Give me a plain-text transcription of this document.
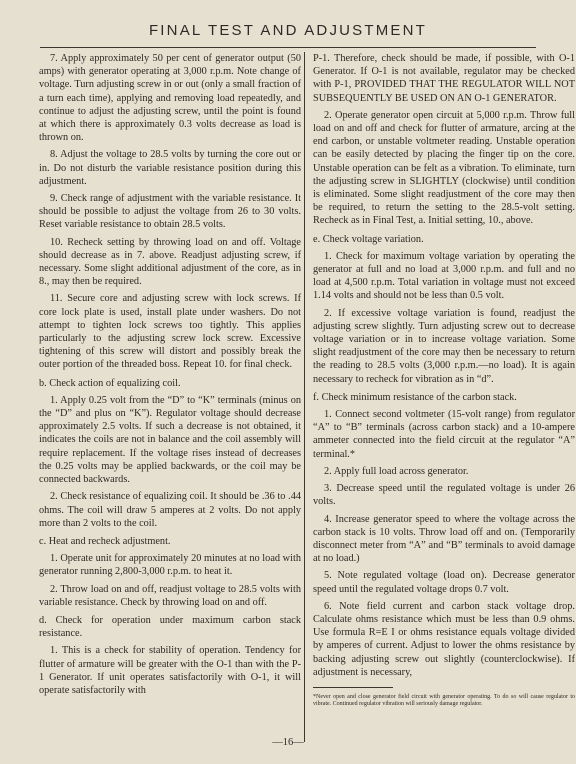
FINAL TEST AND ADJUSTMENT

7. Apply approximately 50 per cent of generator output (50 amps) with generator operating at 3,000 r.p.m. Note change of voltage. Turn adjusting screw in or out (only a small fraction of a turn each time), applying and removing load repeatedly, and continue to adjust the adjusting screw, until the point is found at which there is approximately 0.3 volts decrease as load is thrown on.

8. Adjust the voltage to 28.5 volts by turning the core out or in. Do not disturb the variable resistance position during this adjustment.

9. Check range of adjustment with the variable resistance. It should be possible to adjust the voltage from 26 to 30 volts. Reset variable resistance to obtain 28.5 volts.

10. Recheck setting by throwing load on and off. Voltage should decrease as in 7. above. Readjust adjusting screw, if necessary. Some slight additional adjustment of the core, as in 8., may then be required.

11. Secure core and adjusting screw with lock screws. If core lock plate is used, install plate under washers. Do not attempt to tighten lock screws too tightly. This applies particularly to the adjusting screw lock screw. Excessive tightening of this screw will distort and possibly break the outer portion of the threaded boss. Repeat 10. for final check.

b. Check action of equalizing coil.

1. Apply 0.25 volt from the “D” to “K” terminals (minus on the “D” and plus on “K”). Regulator voltage should decrease approximately 2.5 volts. If such a decrease is not obtained, it indicates the coils are not in balance and the coil assembly will require replacement. If the voltage rises instead of decreases the 0.25 volts may be applied backwards, or the coil may be connected backwards.

2. Check resistance of equalizing coil. It should be .36 to .44 ohms. The coil will draw 5 amperes at 2 volts. Do not apply more than 2 volts to the coil.

c. Heat and recheck adjustment.

1. Operate unit for approximately 20 minutes at no load with generator running 2,800-3,000 r.p.m. to heat it.

2. Throw load on and off, readjust voltage to 28.5 volts with variable resistance. Check by throwing load on and off.

d. Check for operation under maximum carbon stack resistance.

1. This is a check for stability of operation. Tendency for flutter of armature will be greater with the O-1 than with the P-1 Generator. If unit operates satisfactorily with O-1, it will operate satisfactorily with

P-1. Therefore, check should be made, if possible, with O-1 Generator. If O-1 is not available, regulator may be checked with P-1, PROVIDED THAT THE REGULATOR WILL NOT SUBSEQUENTLY BE USED ON AN O-1 GENERATOR.

2. Operate generator open circuit at 5,000 r.p.m. Throw full load on and off and check for flutter of armature, arcing at the end carbon, or unstable voltmeter reading. Unstable operation can be easily detected by placing the finger tip on the core. Unstable operation can be felt as a vibration. To eliminate, turn the adjusting screw in SLIGHTLY (clockwise) until condition is eliminated. Some slight readjustment of the core may then be required, to return the setting to the 28.5-volt setting. Recheck as in Final Test, a. Initial setting, 10., above.

e. Check voltage variation.

1. Check for maximum voltage variation by operating the generator at full and no load at 3,000 r.p.m. and full and no load at 4,500 r.p.m. Total variation in voltage must not exceed 1.14 volts and should not be less than 0.5 volt.

2. If excessive voltage variation is found, readjust the adjusting screw slightly. Turn adjusting screw out to decrease voltage variation or in to increase voltage variation. Some slight readjustment of the core may then be necessary to return the reading to 28.5 volts (3,000 r.p.m.—no load). It is again necessary to recheck for vibration as in “d”.

f. Check minimum resistance of the carbon stack.

1. Connect second voltmeter (15-volt range) from regulator “A” to “B” terminals (across carbon stack) and a 10-ampere ammeter connected into the field circuit at the regulator “A” terminal.*

2. Apply full load across generator.

3. Decrease speed until the regulated voltage is under 26 volts.

4. Increase generator speed to where the voltage across the carbon stack is 10 volts. Throw load off and on. (Temporarily disconnect meter from “A” and “B” terminals to avoid damage at no load.)

5. Note regulated voltage (load on). Decrease generator speed until the regulated voltage drops 0.7 volt.

6. Note field current and carbon stack voltage drop. Calculate ohms resistance which must be less than 0.9 ohms. Use formula R=E I or ohms resistance equals voltage divided by amperes of current. Adjust to lower the ohms resistance by backing adjusting screw out slightly (counterclockwise). If adjustment is necessary,

*Never open and close generator field circuit with generator operating. To do so will cause regulator to vibrate. Continued regulator vibration will seriously damage regulator.

—16—
